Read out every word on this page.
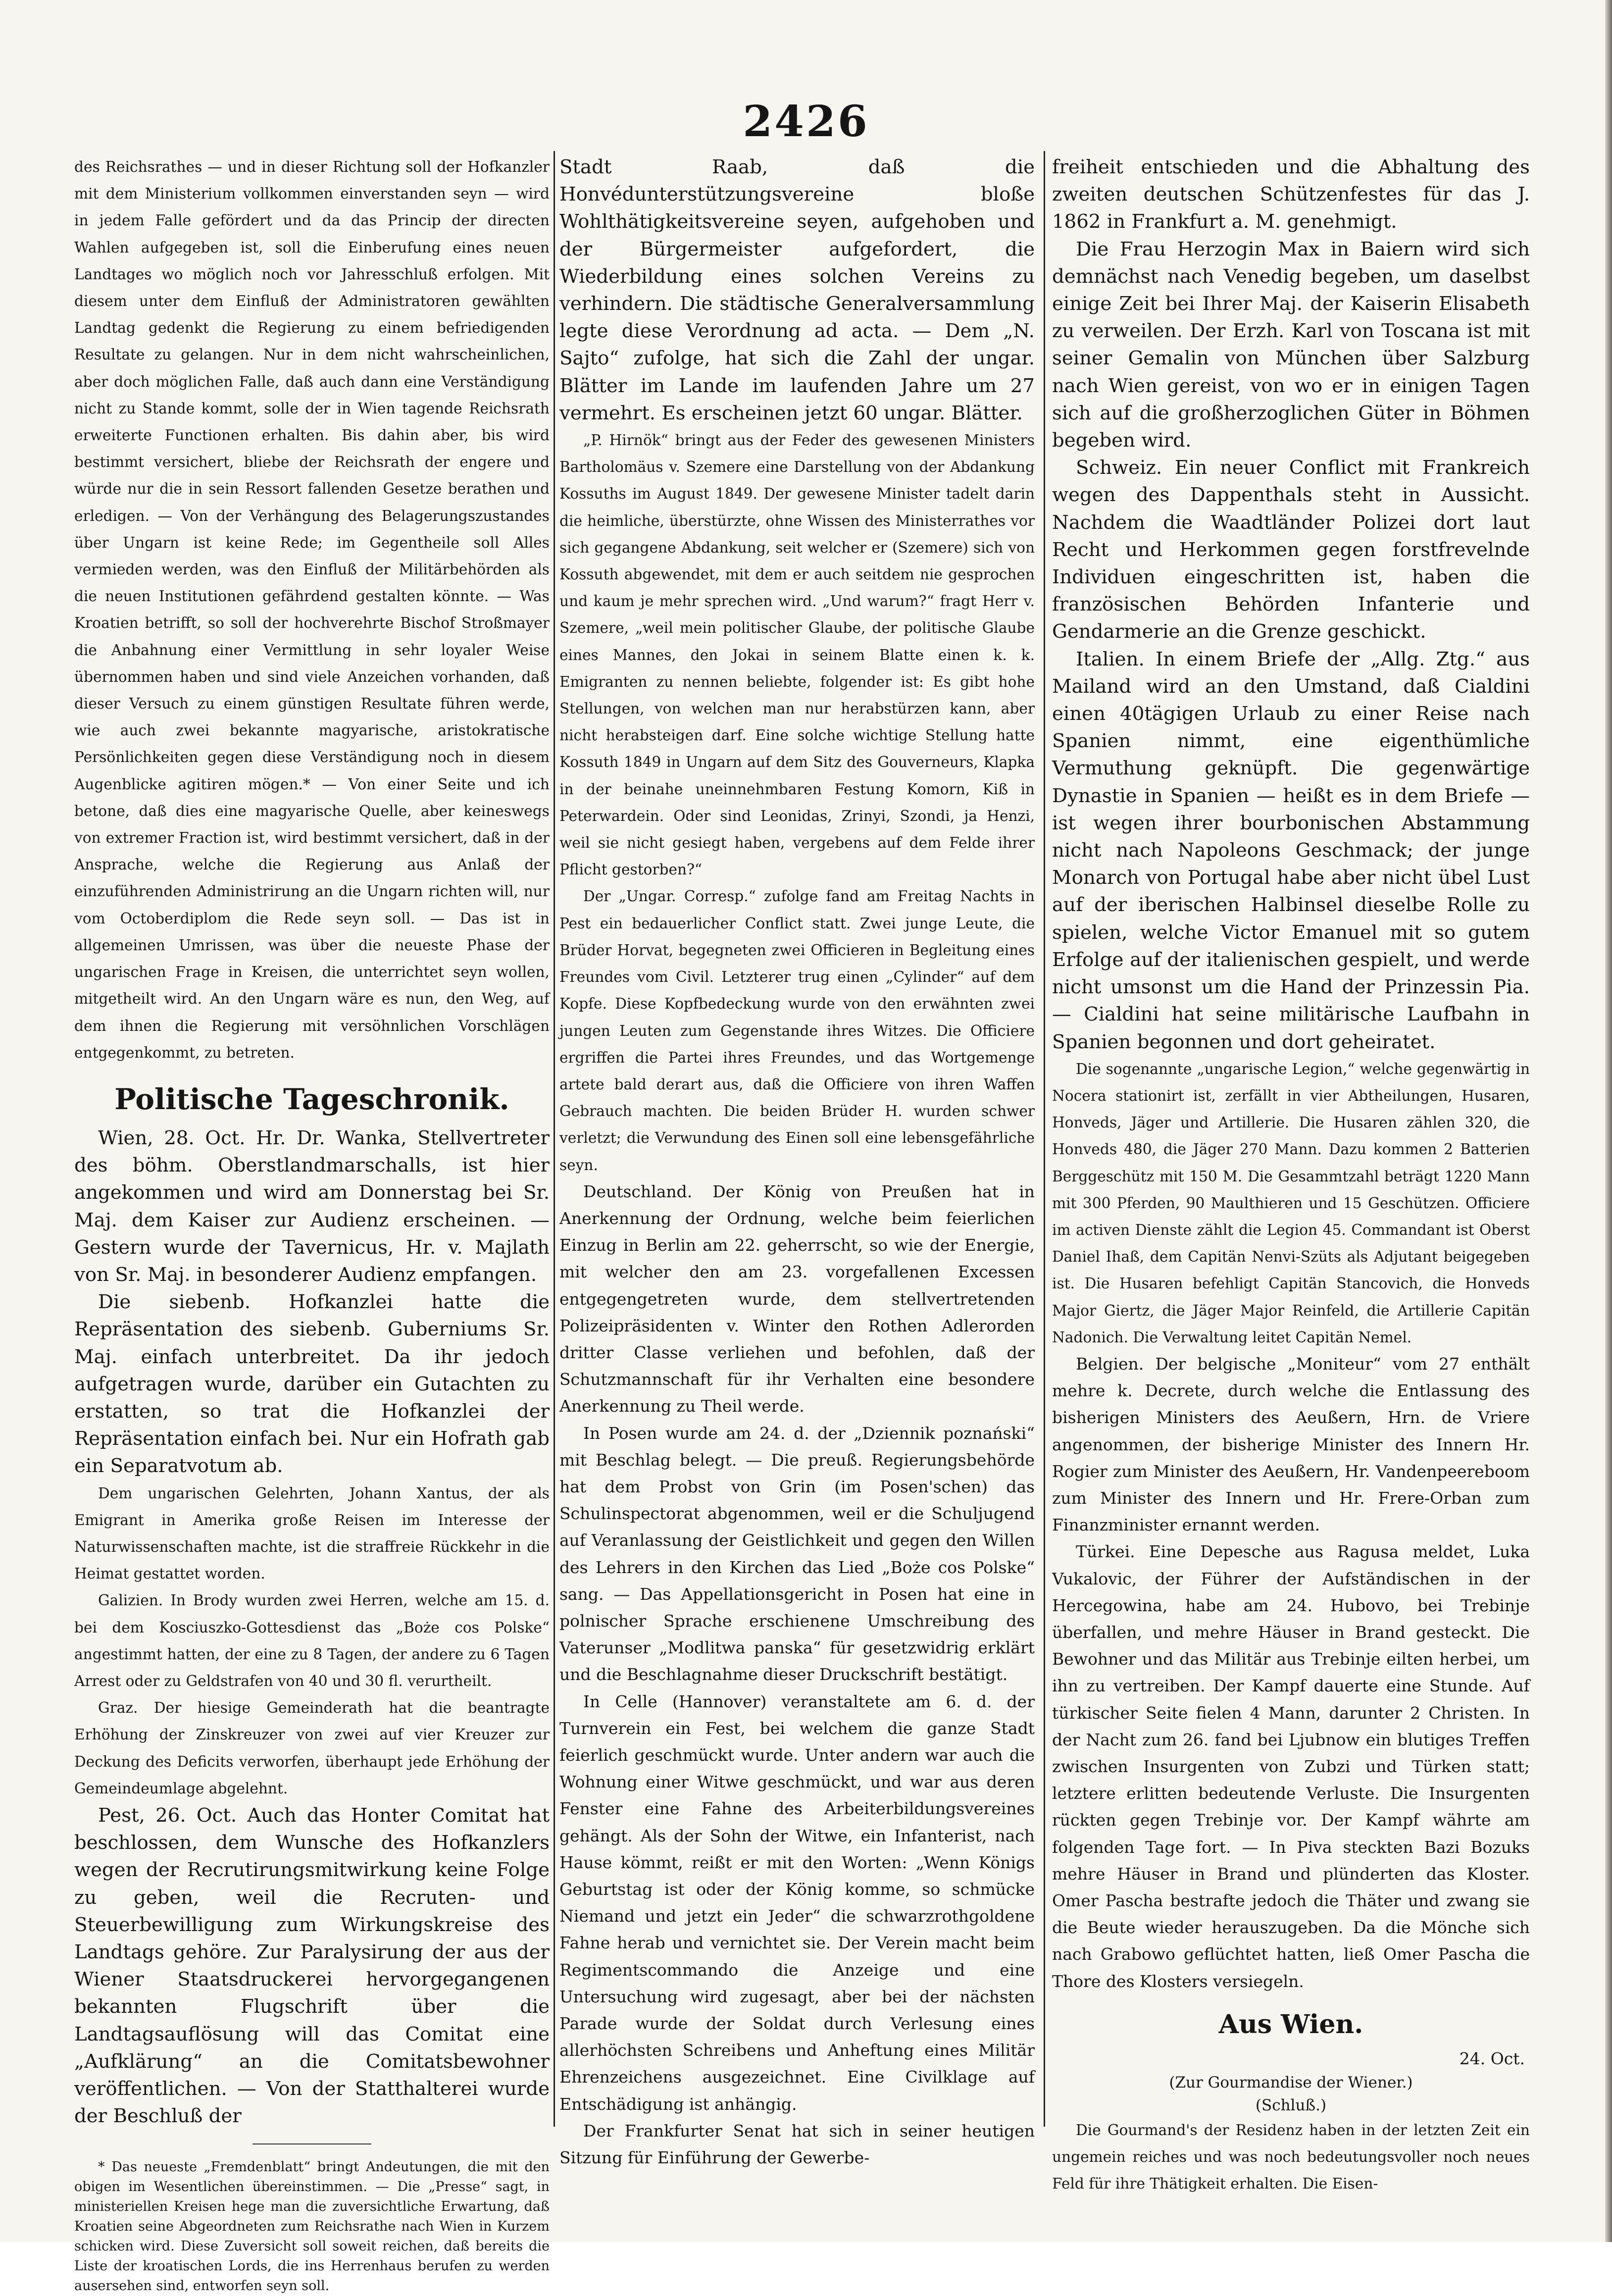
2426

des Reichsrathes — und in dieser Richtung soll der Hofkanzler mit dem Ministerium vollkommen einverstanden seyn — wird in jedem Falle gefördert und da das Princip der directen Wahlen aufgegeben ist, soll die Einberufung eines neuen Landtages wo möglich noch vor Jahresschluß erfolgen. Mit diesem unter dem Einfluß der Administratoren gewählten Landtag gedenkt die Regierung zu einem befriedigenden Resultate zu gelangen. Nur in dem nicht wahrscheinlichen, aber doch möglichen Falle, daß auch dann eine Verständigung nicht zu Stande kommt, solle der in Wien tagende Reichsrath erweiterte Functionen erhalten. Bis dahin aber, bis wird bestimmt versichert, bliebe der Reichsrath der engere und würde nur die in sein Ressort fallenden Gesetze berathen und erledigen. — Von der Verhängung des Belagerungszustandes über Ungarn ist keine Rede; im Gegentheile soll Alles vermieden werden, was den Einfluß der Militärbehörden als die neuen Institutionen gefährdend gestalten könnte. — Was Kroatien betrifft, so soll der hochverehrte Bischof Stroßmayer die Anbahnung einer Vermittlung in sehr loyaler Weise übernommen haben und sind viele Anzeichen vorhanden, daß dieser Versuch zu einem günstigen Resultate führen werde, wie auch zwei bekannte magyarische, aristokratische Persönlichkeiten gegen diese Verständigung noch in diesem Augenblicke agitiren mögen.* — Von einer Seite und ich betone, daß dies eine magyarische Quelle, aber keineswegs von extremer Fraction ist, wird bestimmt versichert, daß in der Ansprache, welche die Regierung aus Anlaß der einzuführenden Administrirung an die Ungarn richten will, nur vom Octoberdiplom die Rede seyn soll. — Das ist in allgemeinen Umrissen, was über die neueste Phase der ungarischen Frage in Kreisen, die unterrichtet seyn wollen, mitgetheilt wird. An den Ungarn wäre es nun, den Weg, auf dem ihnen die Regierung mit versöhnlichen Vorschlägen entgegenkommt, zu betreten.

Politische Tageschronik.

Wien, 28. Oct. Hr. Dr. Wanka, Stellvertreter des böhm. Oberstlandmarschalls, ist hier angekommen und wird am Donnerstag bei Sr. Maj. dem Kaiser zur Audienz erscheinen. — Gestern wurde der Tavernicus, Hr. v. Majlath von Sr. Maj. in besonderer Audienz empfangen.

Die siebenb. Hofkanzlei hatte die Repräsentation des siebenb. Guberniums Sr. Maj. einfach unterbreitet. Da ihr jedoch aufgetragen wurde, darüber ein Gutachten zu erstatten, so trat die Hofkanzlei der Repräsentation einfach bei. Nur ein Hofrath gab ein Separatvotum ab.

Dem ungarischen Gelehrten, Johann Xantus, der als Emigrant in Amerika große Reisen im Interesse der Naturwissenschaften machte, ist die straffreie Rückkehr in die Heimat gestattet worden.

Galizien. In Brody wurden zwei Herren, welche am 15. d. bei dem Kosciuszko-Gottesdienst das „Boże cos Polske“ angestimmt hatten, der eine zu 8 Tagen, der andere zu 6 Tagen Arrest oder zu Geldstrafen von 40 und 30 fl. verurtheilt.

Graz. Der hiesige Gemeinderath hat die beantragte Erhöhung der Zinskreuzer von zwei auf vier Kreuzer zur Deckung des Deficits verworfen, überhaupt jede Erhöhung der Gemeindeumlage abgelehnt.

Pest, 26. Oct. Auch das Honter Comitat hat beschlossen, dem Wunsche des Hofkanzlers wegen der Recrutirungsmitwirkung keine Folge zu geben, weil die Recruten- und Steuerbewilligung zum Wirkungskreise des Landtags gehöre. Zur Paralysirung der aus der Wiener Staatsdruckerei hervorgegangenen bekannten Flugschrift über die Landtagsauflösung will das Comitat eine „Aufklärung“ an die Comitatsbewohner veröffentlichen. — Von der Statthalterei wurde der Beschluß der

* Das neueste „Fremdenblatt“ bringt Andeutungen, die mit den obigen im Wesentlichen übereinstimmen. — Die „Presse“ sagt, in ministeriellen Kreisen hege man die zuversichtliche Erwartung, daß Kroatien seine Abgeordneten zum Reichsrathe nach Wien in Kurzem schicken wird. Diese Zuversicht soll soweit reichen, daß bereits die Liste der kroatischen Lords, die ins Herrenhaus berufen zu werden ausersehen sind, entworfen seyn soll.

Stadt Raab, daß die Honvédunterstützungsvereine bloße Wohlthätigkeitsvereine seyen, aufgehoben und der Bürgermeister aufgefordert, die Wiederbildung eines solchen Vereins zu verhindern. Die städtische Generalversammlung legte diese Verordnung ad acta. — Dem „N. Sajto“ zufolge, hat sich die Zahl der ungar. Blätter im Lande im laufenden Jahre um 27 vermehrt. Es erscheinen jetzt 60 ungar. Blätter.

„P. Hirnök“ bringt aus der Feder des gewesenen Ministers Bartholomäus v. Szemere eine Darstellung von der Abdankung Kossuths im August 1849. Der gewesene Minister tadelt darin die heimliche, überstürzte, ohne Wissen des Ministerrathes vor sich gegangene Abdankung, seit welcher er (Szemere) sich von Kossuth abgewendet, mit dem er auch seitdem nie gesprochen und kaum je mehr sprechen wird. „Und warum?“ fragt Herr v. Szemere, „weil mein politischer Glaube, der politische Glaube eines Mannes, den Jokai in seinem Blatte einen k. k. Emigranten zu nennen beliebte, folgender ist: Es gibt hohe Stellungen, von welchen man nur herabstürzen kann, aber nicht herabsteigen darf. Eine solche wichtige Stellung hatte Kossuth 1849 in Ungarn auf dem Sitz des Gouverneurs, Klapka in der beinahe uneinnehmbaren Festung Komorn, Kiß in Peterwardein. Oder sind Leonidas, Zrinyi, Szondi, ja Henzi, weil sie nicht gesiegt haben, vergebens auf dem Felde ihrer Pflicht gestorben?“

Der „Ungar. Corresp.“ zufolge fand am Freitag Nachts in Pest ein bedauerlicher Conflict statt. Zwei junge Leute, die Brüder Horvat, begegneten zwei Officieren in Begleitung eines Freundes vom Civil. Letzterer trug einen „Cylinder“ auf dem Kopfe. Diese Kopfbedeckung wurde von den erwähnten zwei jungen Leuten zum Gegenstande ihres Witzes. Die Officiere ergriffen die Partei ihres Freundes, und das Wortgemenge artete bald derart aus, daß die Officiere von ihren Waffen Gebrauch machten. Die beiden Brüder H. wurden schwer verletzt; die Verwundung des Einen soll eine lebensgefährliche seyn.

Deutschland. Der König von Preußen hat in Anerkennung der Ordnung, welche beim feierlichen Einzug in Berlin am 22. geherrscht, so wie der Energie, mit welcher den am 23. vorgefallenen Excessen entgegengetreten wurde, dem stellvertretenden Polizeipräsidenten v. Winter den Rothen Adlerorden dritter Classe verliehen und befohlen, daß der Schutzmannschaft für ihr Verhalten eine besondere Anerkennung zu Theil werde.

In Posen wurde am 24. d. der „Dziennik poznański“ mit Beschlag belegt. — Die preuß. Regierungsbehörde hat dem Probst von Grin (im Posen'schen) das Schulinspectorat abgenommen, weil er die Schuljugend auf Veranlassung der Geistlichkeit und gegen den Willen des Lehrers in den Kirchen das Lied „Boże cos Polske“ sang. — Das Appellationsgericht in Posen hat eine in polnischer Sprache erschienene Umschreibung des Vaterunser „Modlitwa panska“ für gesetzwidrig erklärt und die Beschlagnahme dieser Druckschrift bestätigt.

In Celle (Hannover) veranstaltete am 6. d. der Turnverein ein Fest, bei welchem die ganze Stadt feierlich geschmückt wurde. Unter andern war auch die Wohnung einer Witwe geschmückt, und war aus deren Fenster eine Fahne des Arbeiterbildungsvereines gehängt. Als der Sohn der Witwe, ein Infanterist, nach Hause kömmt, reißt er mit den Worten: „Wenn Königs Geburtstag ist oder der König komme, so schmücke Niemand und jetzt ein Jeder“ die schwarzrothgoldene Fahne herab und vernichtet sie. Der Verein macht beim Regimentscommando die Anzeige und eine Untersuchung wird zugesagt, aber bei der nächsten Parade wurde der Soldat durch Verlesung eines allerhöchsten Schreibens und Anheftung eines Militär Ehrenzeichens ausgezeichnet. Eine Civilklage auf Entschädigung ist anhängig.

Der Frankfurter Senat hat sich in seiner heutigen Sitzung für Einführung der Gewerbe-

freiheit entschieden und die Abhaltung des zweiten deutschen Schützenfestes für das J. 1862 in Frankfurt a. M. genehmigt.

Die Frau Herzogin Max in Baiern wird sich demnächst nach Venedig begeben, um daselbst einige Zeit bei Ihrer Maj. der Kaiserin Elisabeth zu verweilen. Der Erzh. Karl von Toscana ist mit seiner Gemalin von München über Salzburg nach Wien gereist, von wo er in einigen Tagen sich auf die großherzoglichen Güter in Böhmen begeben wird.

Schweiz. Ein neuer Conflict mit Frankreich wegen des Dappenthals steht in Aussicht. Nachdem die Waadtländer Polizei dort laut Recht und Herkommen gegen forstfrevelnde Individuen eingeschritten ist, haben die französischen Behörden Infanterie und Gendarmerie an die Grenze geschickt.

Italien. In einem Briefe der „Allg. Ztg.“ aus Mailand wird an den Umstand, daß Cialdini einen 40tägigen Urlaub zu einer Reise nach Spanien nimmt, eine eigenthümliche Vermuthung geknüpft. Die gegenwärtige Dynastie in Spanien — heißt es in dem Briefe — ist wegen ihrer bourbonischen Abstammung nicht nach Napoleons Geschmack; der junge Monarch von Portugal habe aber nicht übel Lust auf der iberischen Halbinsel dieselbe Rolle zu spielen, welche Victor Emanuel mit so gutem Erfolge auf der italienischen gespielt, und werde nicht umsonst um die Hand der Prinzessin Pia. — Cialdini hat seine militärische Laufbahn in Spanien begonnen und dort geheiratet.

Die sogenannte „ungarische Legion,“ welche gegenwärtig in Nocera stationirt ist, zerfällt in vier Abtheilungen, Husaren, Honveds, Jäger und Artillerie. Die Husaren zählen 320, die Honveds 480, die Jäger 270 Mann. Dazu kommen 2 Batterien Berggeschütz mit 150 M. Die Gesammtzahl beträgt 1220 Mann mit 300 Pferden, 90 Maulthieren und 15 Geschützen. Officiere im activen Dienste zählt die Legion 45. Commandant ist Oberst Daniel Ihaß, dem Capitän Nenvi-Szüts als Adjutant beigegeben ist. Die Husaren befehligt Capitän Stancovich, die Honveds Major Giertz, die Jäger Major Reinfeld, die Artillerie Capitän Nadonich. Die Verwaltung leitet Capitän Nemel.

Belgien. Der belgische „Moniteur“ vom 27 enthält mehre k. Decrete, durch welche die Entlassung des bisherigen Ministers des Aeußern, Hrn. de Vriere angenommen, der bisherige Minister des Innern Hr. Rogier zum Minister des Aeußern, Hr. Vandenpeereboom zum Minister des Innern und Hr. Frere-Orban zum Finanzminister ernannt werden.

Türkei. Eine Depesche aus Ragusa meldet, Luka Vukalovic, der Führer der Aufständischen in der Hercegowina, habe am 24. Hubovo, bei Trebinje überfallen, und mehre Häuser in Brand gesteckt. Die Bewohner und das Militär aus Trebinje eilten herbei, um ihn zu vertreiben. Der Kampf dauerte eine Stunde. Auf türkischer Seite fielen 4 Mann, darunter 2 Christen. In der Nacht zum 26. fand bei Ljubnow ein blutiges Treffen zwischen Insurgenten von Zubzi und Türken statt; letztere erlitten bedeutende Verluste. Die Insurgenten rückten gegen Trebinje vor. Der Kampf währte am folgenden Tage fort. — In Piva steckten Bazi Bozuks mehre Häuser in Brand und plünderten das Kloster. Omer Pascha bestrafte jedoch die Thäter und zwang sie die Beute wieder herauszugeben. Da die Mönche sich nach Grabowo geflüchtet hatten, ließ Omer Pascha die Thore des Klosters versiegeln.

Aus Wien.
24. Oct.
(Zur Gourmandise der Wiener.)
(Schluß.)

Die Gourmand's der Residenz haben in der letzten Zeit ein ungemein reiches und was noch bedeutungsvoller noch neues Feld für ihre Thätigkeit erhalten. Die Eisen-
